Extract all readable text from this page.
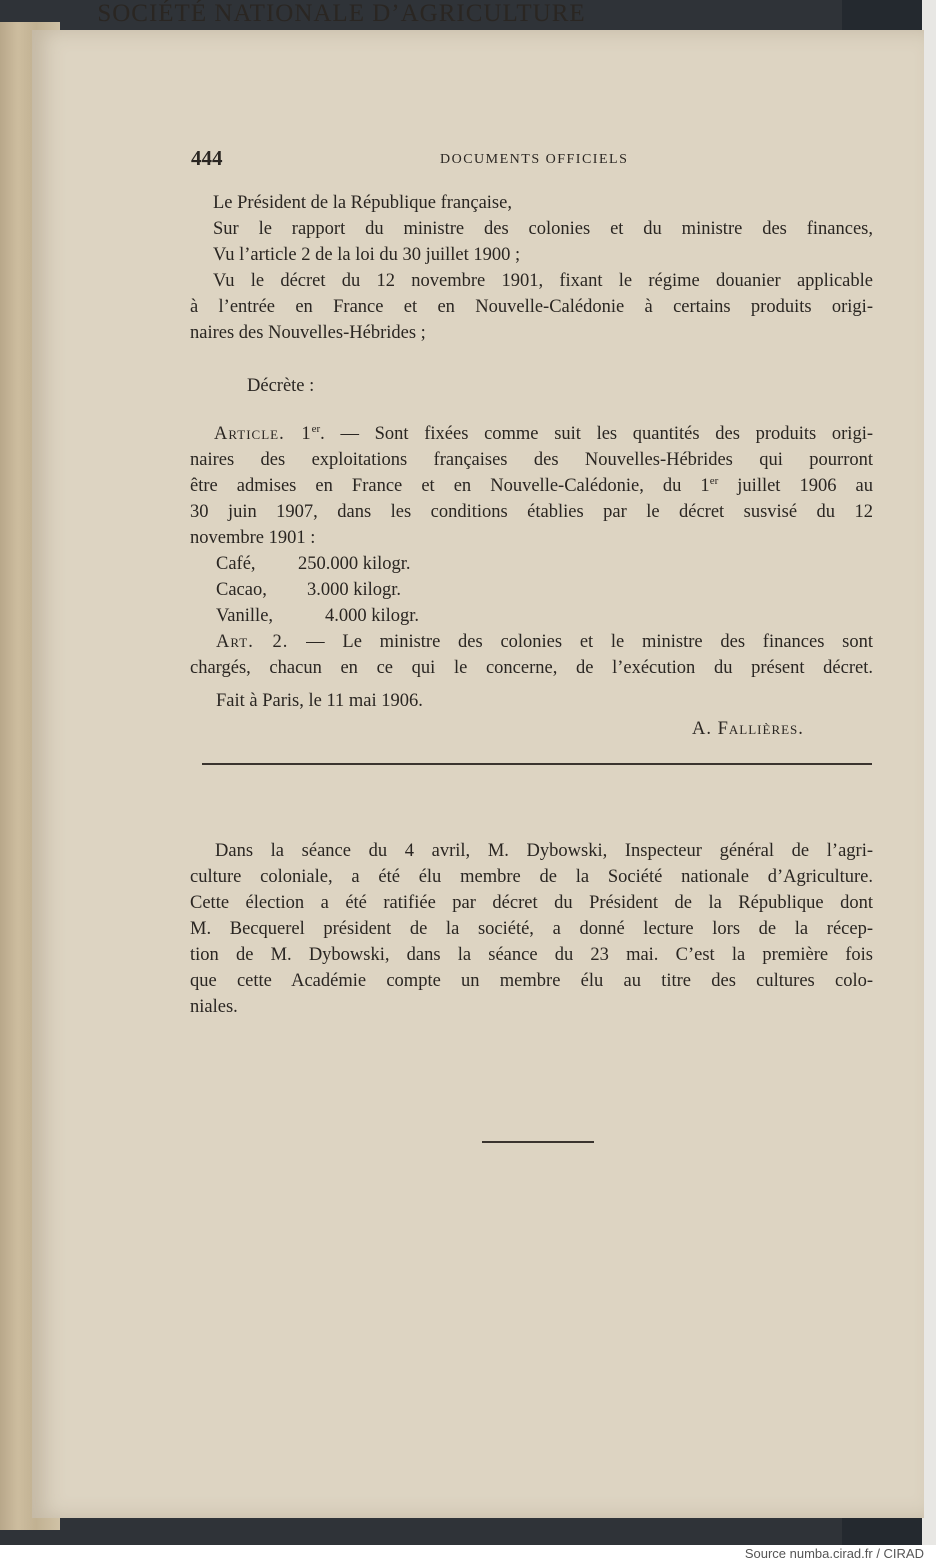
444	DOCUMENTS OFFICIELS
Le Président de la République française,
Sur le rapport du ministre des colonies et du ministre des finances,
Vu l’article 2 de la loi du 30 juillet 1900 ;
Vu le décret du 12 novembre 1901, fixant le régime douanier applicable
à l’entrée en France et en Nouvelle-Calédonie à certains produits origi-
naires des Nouvelles-Hébrides ;
Décrète :
Article. 1er. — Sont fixées comme suit les quantités des produits origi-
naires des exploitations françaises des Nouvelles-Hébrides qui pourront
être admises en France et en Nouvelle-Calédonie, du 1er juillet 1906 au
30 juin 1907, dans les conditions établies par le décret susvisé du 12
novembre 1901 :
Café, 250.000 kilogr.
Cacao, 3.000 kilogr.
Vanille,	4.000 kilogr.
Art. 2. — Le ministre des colonies et le ministre des finances sont
chargés, chacun en ce qui le concerne, de l’exécution du présent décret.
Fait à Paris, le 11 mai 1906.
A. Fallières.
SOCIÉTÉ NATIONALE D’AGRICULTURE
Dans la séance du 4 avril, M. Dybowski, Inspecteur général de l’agri-
culture coloniale, a été élu membre de la Société nationale d’Agriculture.
Cette élection a été ratifiée par décret du Président de la République dont
M. Becquerel président de la société, a donné lecture lors de la récep-
tion de M. Dybowski, dans la séance du 23 mai. C’est la première fois
que cette Académie compte un membre élu au titre des cultures colo-
niales.
Source numba.cirad.fr / CIRAD
